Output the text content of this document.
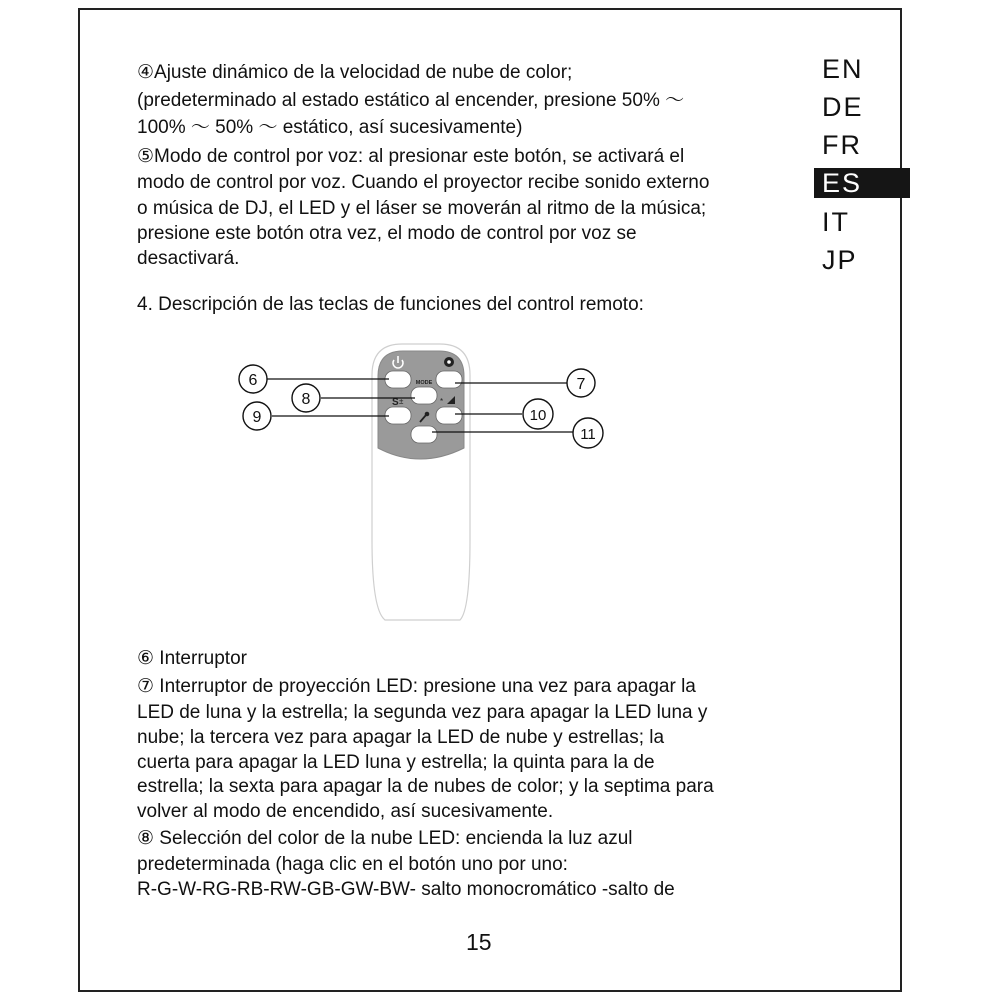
EN
DE
FR
ES
IT
JP

④Ajuste dinámico de la velocidad de nube de color;

(predeterminado al estado estático al encender, presione 50% ～

100% ～ 50% ～ estático, así sucesivamente)

⑤Modo de control por voz: al presionar este botón, se activará el

modo de control por voz. Cuando el proyector recibe sonido externo

o música de DJ, el LED y el láser se moverán al ritmo de la música;

presione este botón otra vez, el modo de control por voz se

desactivará.

4. Descripción de las teclas de funciones del control remoto:

MODE
S ±	*
6	7
8
9	10
11

⑥ Interruptor

⑦ Interruptor de proyección LED: presione una vez para apagar la

LED de luna y la estrella; la segunda vez para apagar la LED luna y

nube; la tercera vez para apagar la LED de nube y estrellas; la

cuerta para apagar la LED luna y estrella; la quinta para la de

estrella; la sexta para apagar la de nubes de color; y la septima para

volver al modo de encendido, así sucesivamente.

⑧ Selección del color de la nube LED: encienda la luz azul

predeterminada (haga clic en el botón uno por uno:

R-G-W-RG-RB-RW-GB-GW-BW- salto monocromático -salto de

15
